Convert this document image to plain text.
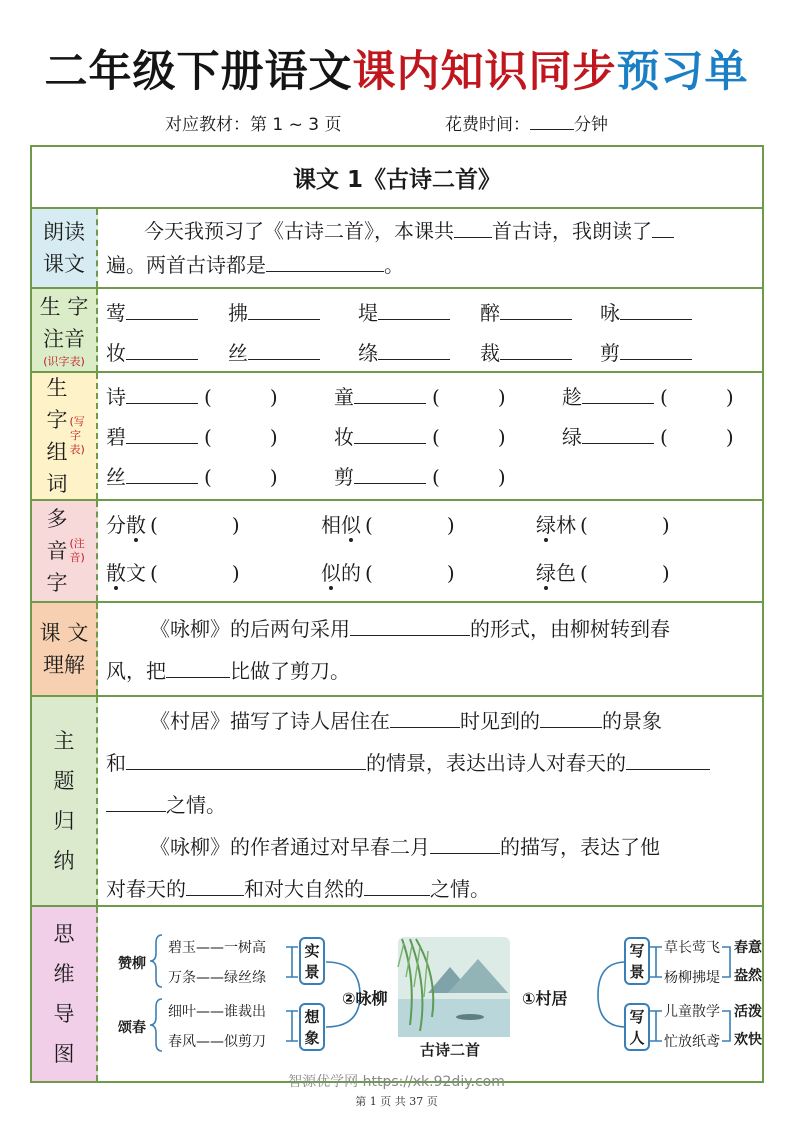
二年级下册语文课内知识同步预习单
对应教材：第 1 ~ 3 页	花费时间：	分钟
课文 1《古诗二首》
朗读
课文
今天我预习了《古诗二首》，本课共 首古诗，我朗读了
遍。两首古诗都是	。
生 字
注音
(识字表)
莺	拂	堤	醉	咏
妆	丝	绦	裁	剪
生
字
组
词
(写字表)
诗	(	)	童	(	)	趁	(	)
碧	(	)	妆	(	)	绿	(	)
丝	(	)	剪	(	)
多
音
字
(注音)
分散 (	)	相似 (	)	绿林 (	)
散文 (	)	似的 (	)	绿色 (	)
课 文
理解
《咏柳》的后两句采用	的形式，由柳树转到春
风，把	比做了剪刀。
主
题
归
纳
《村居》描写了诗人居住在	时见到的	的景象
和	的情景，表达出诗人对春天的
之情。
《咏柳》的作者通过对早春二月	的描写，表达了他
对春天的	和对大自然的	之情。
思
维
导
图
赞柳
颂春
碧玉——一树高
万条——绿丝绦
细叶——谁裁出
春风——似剪刀
实景
想象
②咏柳
古诗二首
①村居
写景
写人
草长莺飞
杨柳拂堤
儿童散学
忙放纸鸢
春意
盎然
活泼
欢快
智源优学网 https://xk.92diy.com
第 1 页 共 37 页
